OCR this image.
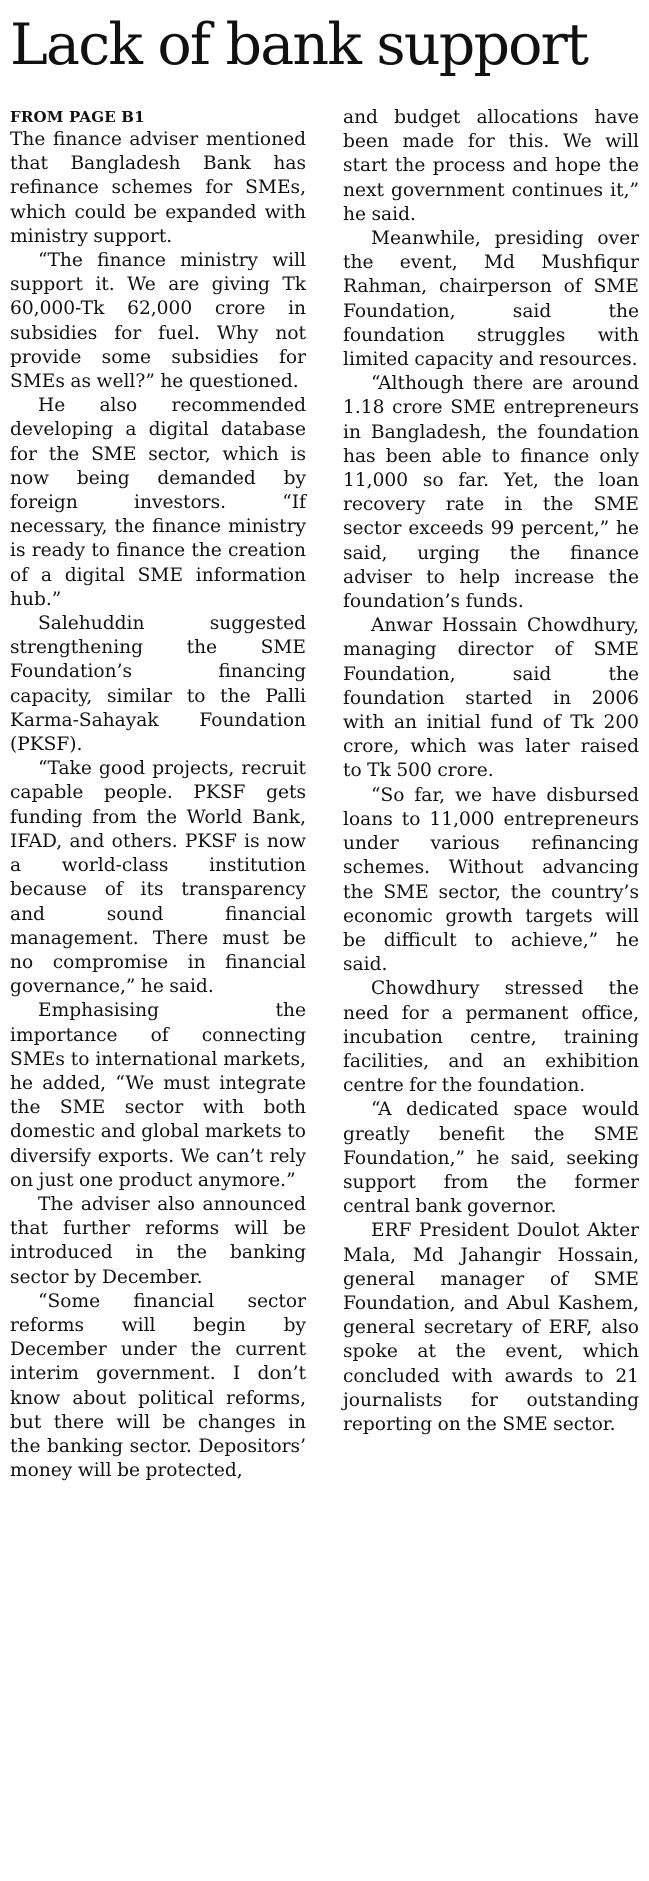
Lack of bank support
FROM PAGE B1

The finance adviser mentioned that Bangladesh Bank has refinance schemes for SMEs, which could be expanded with ministry support.

“The finance ministry will support it. We are giving Tk 60,000-Tk 62,000 crore in subsidies for fuel. Why not provide some subsidies for SMEs as well?” he questioned.

He also recommended developing a digital database for the SME sector, which is now being demanded by foreign investors. “If necessary, the finance ministry is ready to finance the creation of a digital SME information hub.”

Salehuddin suggested strengthening the SME Foundation’s financing capacity, similar to the Palli Karma-Sahayak Foundation (PKSF).

“Take good projects, recruit capable people. PKSF gets funding from the World Bank, IFAD, and others. PKSF is now a world-class institution because of its transparency and sound financial management. There must be no compromise in financial governance,” he said.

Emphasising the importance of connecting SMEs to international markets, he added, “We must integrate the SME sector with both domestic and global markets to diversify exports. We can’t rely on just one product anymore.”

The adviser also announced that further reforms will be introduced in the banking sector by December.

“Some financial sector reforms will begin by December under the current interim government. I don’t know about political reforms, but there will be changes in the banking sector. Depositors’ money will be protected,

and budget allocations have been made for this. We will start the process and hope the next government continues it,” he said.

Meanwhile, presiding over the event, Md Mushfiqur Rahman, chairperson of SME Foundation, said the foundation struggles with limited capacity and resources.

“Although there are around 1.18 crore SME entrepreneurs in Bangladesh, the foundation has been able to finance only 11,000 so far. Yet, the loan recovery rate in the SME sector exceeds 99 percent,” he said, urging the finance adviser to help increase the foundation’s funds.

Anwar Hossain Chowdhury, managing director of SME Foundation, said the foundation started in 2006 with an initial fund of Tk 200 crore, which was later raised to Tk 500 crore.

“So far, we have disbursed loans to 11,000 entrepreneurs under various refinancing schemes. Without advancing the SME sector, the country’s economic growth targets will be difficult to achieve,” he said.

Chowdhury stressed the need for a permanent office, incubation centre, training facilities, and an exhibition centre for the foundation.

“A dedicated space would greatly benefit the SME Foundation,” he said, seeking support from the former central bank governor.

ERF President Doulot Akter Mala, Md Jahangir Hossain, general manager of SME Foundation, and Abul Kashem, general secretary of ERF, also spoke at the event, which concluded with awards to 21 journalists for outstanding reporting on the SME sector.
